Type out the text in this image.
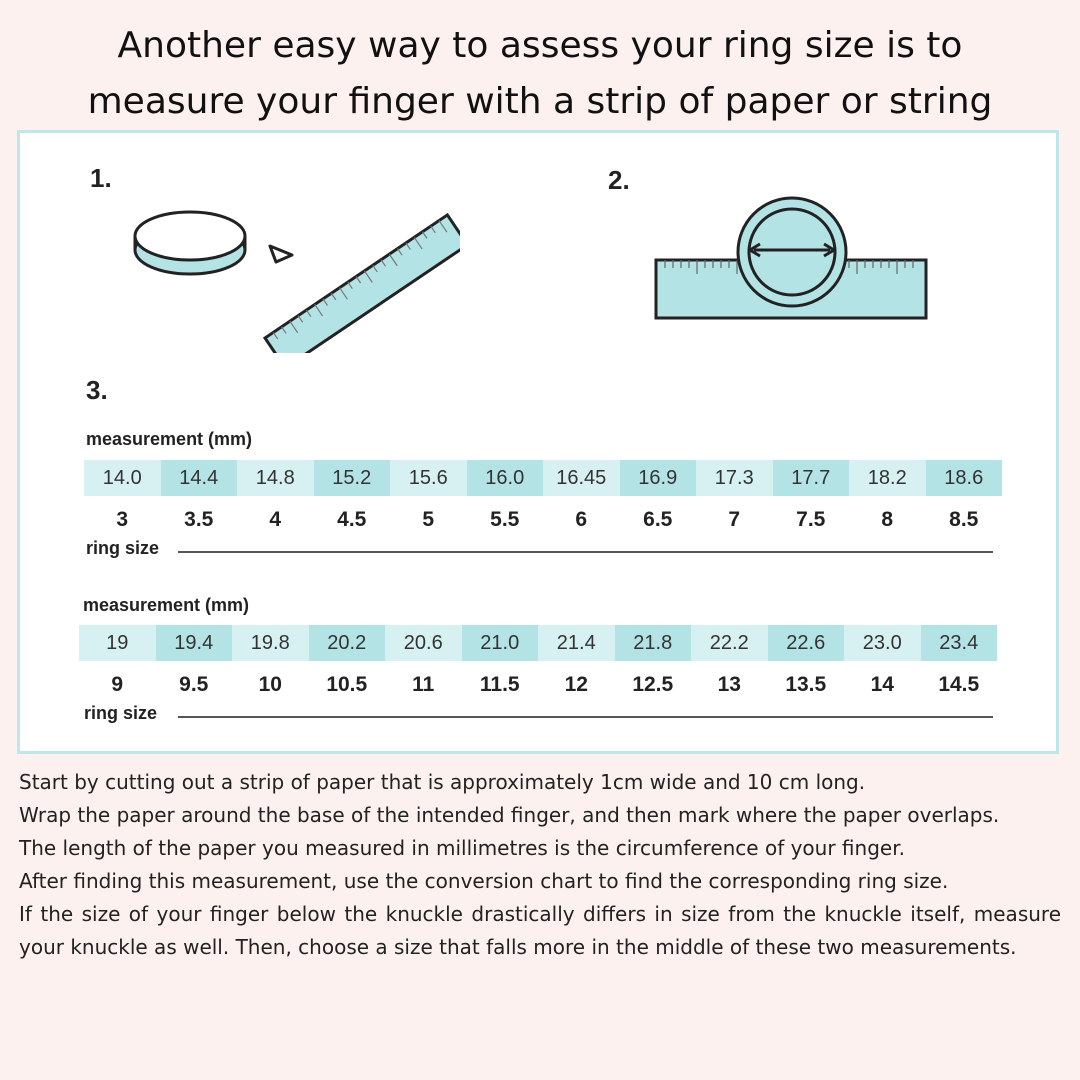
Another easy way to assess your ring size is to
measure your finger with a strip of paper or string
1.	2.
3.
measurement (mm)
14.0	14.4	14.8	15.2	15.6	16.0	16.45	16.9	17.3	17.7	18.2	18.6
3	3.5	4	4.5	5	5.5	6	6.5	7	7.5	8	8.5
ring size
measurement (mm)
19	19.4	19.8	20.2	20.6	21.0	21.4	21.8	22.2	22.6	23.0	23.4
9	9.5	10	10.5	11	11.5	12	12.5	13	13.5	14	14.5
ring size

Start by cutting out a strip of paper that is approximately 1cm wide and 10 cm long.

Wrap the paper around the base of the intended finger, and then mark where the paper overlaps.

The length of the paper you measured in millimetres is the circumference of your finger.

After finding this measurement, use the conversion chart to find the corresponding ring size.

If the size of your finger below the knuckle drastically differs in size from the knuckle itself, measure your knuckle as well. Then, choose a size that falls more in the middle of these two measurements.
